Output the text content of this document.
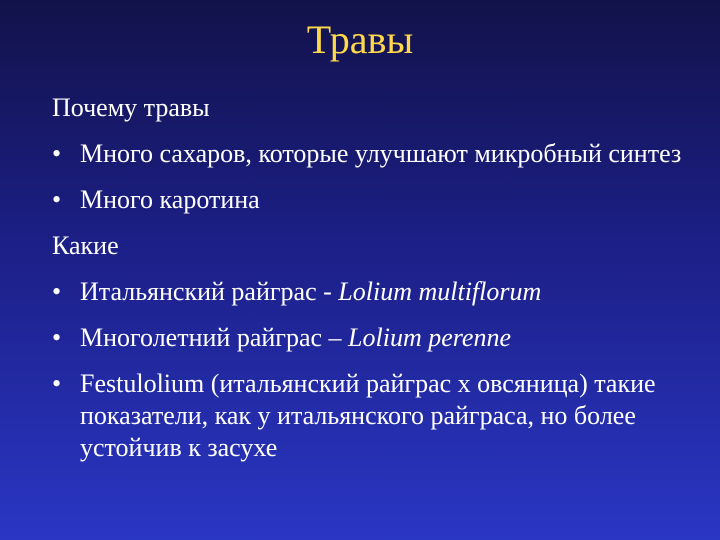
Травы
Почему травы
• Много сахаров, которые улучшают микробный синтез
• Много каротина
Какие
• Итальянский райграс - Lolium multiflorum
• Многолетний райграс – Lolium perenne
• Festulolium (итальянский райграс х овсяница) такие показатели, как у итальянского райграса, но более устойчив к засухе
